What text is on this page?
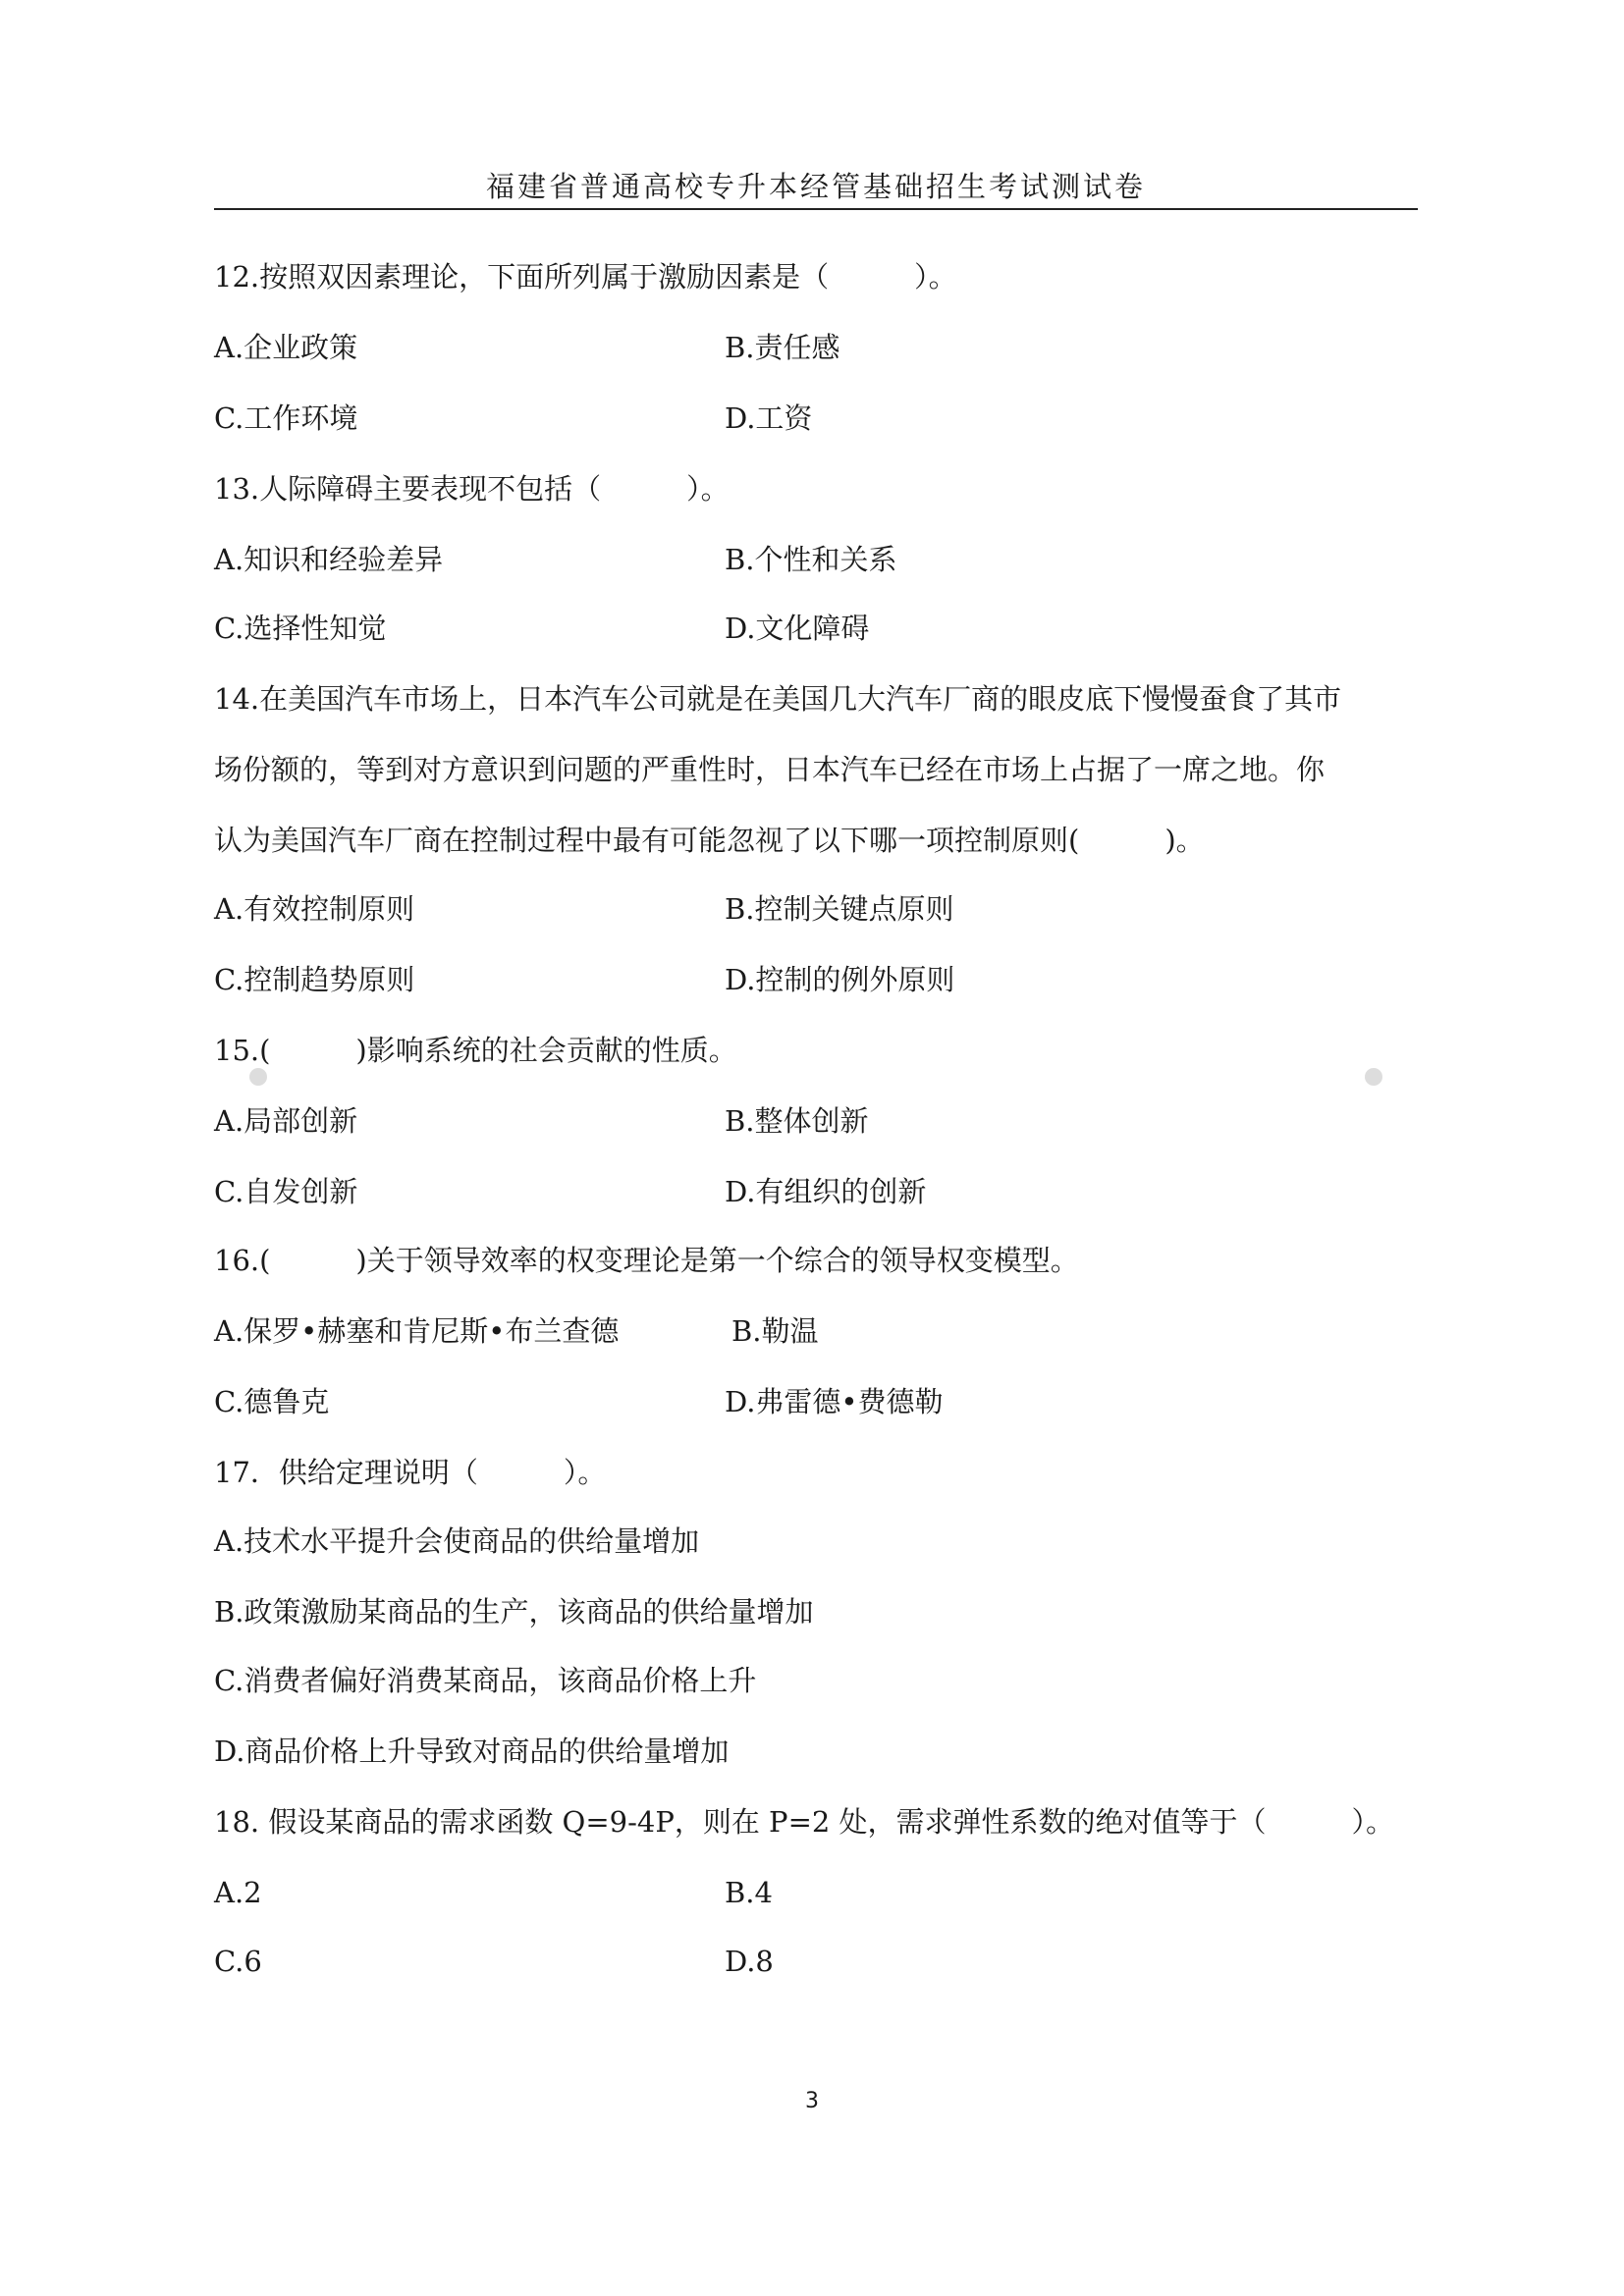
福建省普通高校专升本经管基础招生考试测试卷
12.按照双因素理论，下面所列属于激励因素是（　　　）。
A.企业政策	B.责任感
C.工作环境	D.工资
13.人际障碍主要表现不包括（　　　）。
A.知识和经验差异	B.个性和关系
C.选择性知觉	D.文化障碍
14.在美国汽车市场上，日本汽车公司就是在美国几大汽车厂商的眼皮底下慢慢蚕食了其市
场份额的，等到对方意识到问题的严重性时，日本汽车已经在市场上占据了一席之地。你
认为美国汽车厂商在控制过程中最有可能忽视了以下哪一项控制原则(　　　)。
A.有效控制原则	B.控制关键点原则
C.控制趋势原则	D.控制的例外原则
15.(　　　)影响系统的社会贡献的性质。
A.局部创新	B.整体创新
C.自发创新	D.有组织的创新
16.(　　　)关于领导效率的权变理论是第一个综合的领导权变模型。
A.保罗•赫塞和肯尼斯•布兰查德	B.勒温
C.德鲁克	D.弗雷德•费德勒
17．供给定理说明（　　　）。
A.技术水平提升会使商品的供给量增加
B.政策激励某商品的生产，该商品的供给量增加
C.消费者偏好消费某商品，该商品价格上升
D.商品价格上升导致对商品的供给量增加
18. 假设某商品的需求函数 Q=9-4P，则在 P=2 处，需求弹性系数的绝对值等于（　　　）。
A.2	B.4
C.6	D.8
3
